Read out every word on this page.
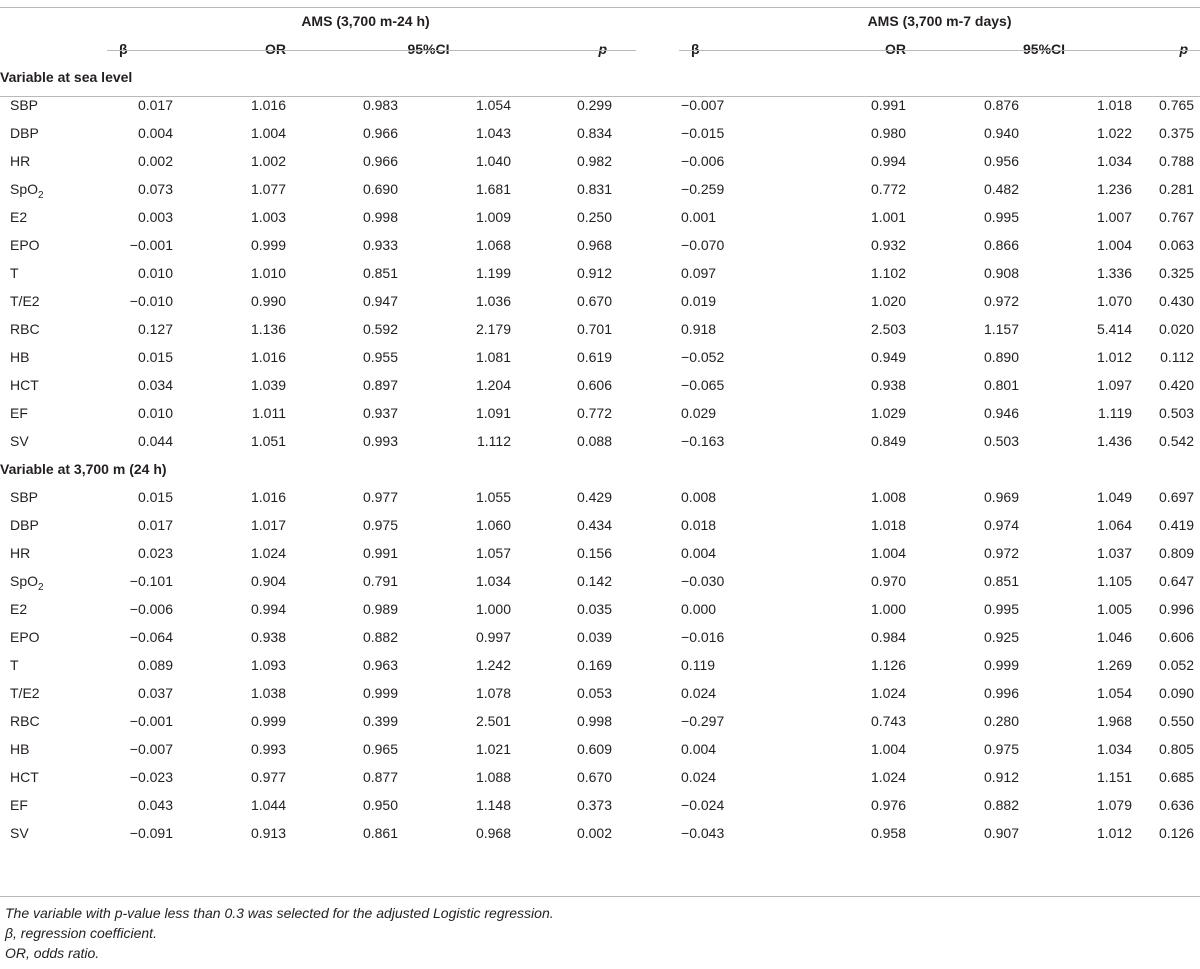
	AMS (3,700 m-24 h)						AMS (3,700 m-7 days)				
	β	OR	95%CI		p		β	OR	95%CI		p
Variable at sea level											
SBP	0.017	1.016	0.983	1.054	0.299		−0.007	0.991	0.876	1.018	0.765
DBP	0.004	1.004	0.966	1.043	0.834		−0.015	0.980	0.940	1.022	0.375
HR	0.002	1.002	0.966	1.040	0.982		−0.006	0.994	0.956	1.034	0.788
SpO$_2$	0.073	1.077	0.690	1.681	0.831		−0.259	0.772	0.482	1.236	0.281
E2	0.003	1.003	0.998	1.009	0.250		0.001	1.001	0.995	1.007	0.767
EPO	−0.001	0.999	0.933	1.068	0.968		−0.070	0.932	0.866	1.004	0.063
T	0.010	1.010	0.851	1.199	0.912		0.097	1.102	0.908	1.336	0.325
T/E2	−0.010	0.990	0.947	1.036	0.670		0.019	1.020	0.972	1.070	0.430
RBC	0.127	1.136	0.592	2.179	0.701		0.918	2.503	1.157	5.414	0.020
HB	0.015	1.016	0.955	1.081	0.619		−0.052	0.949	0.890	1.012	0.112
HCT	0.034	1.039	0.897	1.204	0.606		−0.065	0.938	0.801	1.097	0.420
EF	0.010	1.011	0.937	1.091	0.772		0.029	1.029	0.946	1.119	0.503
SV	0.044	1.051	0.993	1.112	0.088		−0.163	0.849	0.503	1.436	0.542
Variable at 3,700 m (24 h)											
SBP	0.015	1.016	0.977	1.055	0.429		0.008	1.008	0.969	1.049	0.697
DBP	0.017	1.017	0.975	1.060	0.434		0.018	1.018	0.974	1.064	0.419
HR	0.023	1.024	0.991	1.057	0.156		0.004	1.004	0.972	1.037	0.809
SpO$_2$	−0.101	0.904	0.791	1.034	0.142		−0.030	0.970	0.851	1.105	0.647
E2	−0.006	0.994	0.989	1.000	0.035		0.000	1.000	0.995	1.005	0.996
EPO	−0.064	0.938	0.882	0.997	0.039		−0.016	0.984	0.925	1.046	0.606
T	0.089	1.093	0.963	1.242	0.169		0.119	1.126	0.999	1.269	0.052
T/E2	0.037	1.038	0.999	1.078	0.053		0.024	1.024	0.996	1.054	0.090
RBC	−0.001	0.999	0.399	2.501	0.998		−0.297	0.743	0.280	1.968	0.550
HB	−0.007	0.993	0.965	1.021	0.609		0.004	1.004	0.975	1.034	0.805
HCT	−0.023	0.977	0.877	1.088	0.670		0.024	1.024	0.912	1.151	0.685
EF	0.043	1.044	0.950	1.148	0.373		−0.024	0.976	0.882	1.079	0.636
SV	−0.091	0.913	0.861	0.968	0.002		−0.043	0.958	0.907	1.012	0.126
The variable with p-value less than 0.3 was selected for the adjusted Logistic regression.
β, regression coefficient.
OR, odds ratio.
